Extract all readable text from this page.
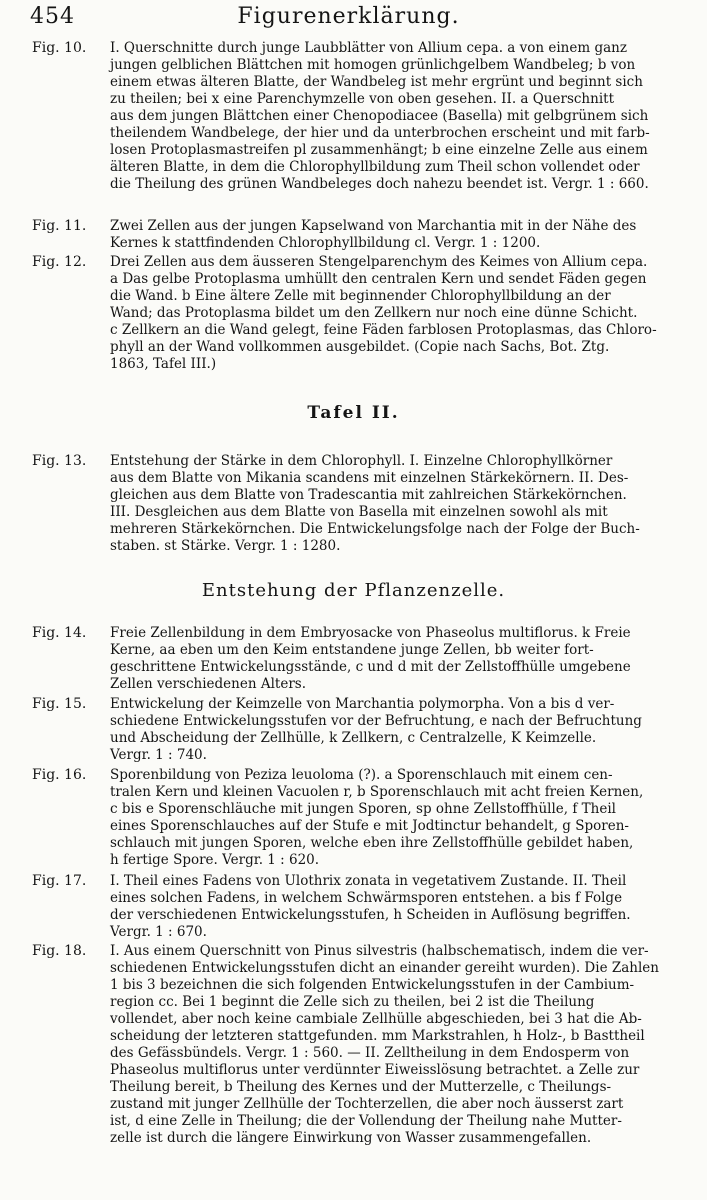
454	Figurenerklärung.
Fig. 10.	I. Querschnitte durch junge Laubblätter von Allium cepa. a von einem ganz
jungen gelblichen Blättchen mit homogen grünlichgelbem Wandbeleg; b von
einem etwas älteren Blatte, der Wandbeleg ist mehr ergrünt und beginnt sich
zu theilen; bei x eine Parenchymzelle von oben gesehen. II. a Querschnitt
aus dem jungen Blättchen einer Chenopodiacee (Basella) mit gelbgrünem sich
theilendem Wandbelege, der hier und da unterbrochen erscheint und mit farb-
losen Protoplasmastreifen pl zusammenhängt; b eine einzelne Zelle aus einem
älteren Blatte, in dem die Chlorophyllbildung zum Theil schon vollendet oder
die Theilung des grünen Wandbeleges doch nahezu beendet ist. Vergr. 1 : 660.
Fig. 11.	Zwei Zellen aus der jungen Kapselwand von Marchantia mit in der Nähe des
Kernes k stattfindenden Chlorophyllbildung cl. Vergr. 1 : 1200.
Fig. 12.	Drei Zellen aus dem äusseren Stengelparenchym des Keimes von Allium cepa.
a Das gelbe Protoplasma umhüllt den centralen Kern und sendet Fäden gegen
die Wand. b Eine ältere Zelle mit beginnender Chlorophyllbildung an der
Wand; das Protoplasma bildet um den Zellkern nur noch eine dünne Schicht.
c Zellkern an die Wand gelegt, feine Fäden farblosen Protoplasmas, das Chloro-
phyll an der Wand vollkommen ausgebildet. (Copie nach Sachs, Bot. Ztg.
1863, Tafel III.)
Tafel II.
Fig. 13.	Entstehung der Stärke in dem Chlorophyll. I. Einzelne Chlorophyllkörner
aus dem Blatte von Mikania scandens mit einzelnen Stärkekörnern. II. Des-
gleichen aus dem Blatte von Tradescantia mit zahlreichen Stärkekörnchen.
III. Desgleichen aus dem Blatte von Basella mit einzelnen sowohl als mit
mehreren Stärkekörnchen. Die Entwickelungsfolge nach der Folge der Buch-
staben. st Stärke. Vergr. 1 : 1280.
Entstehung der Pflanzenzelle.
Fig. 14.	Freie Zellenbildung in dem Embryosacke von Phaseolus multiflorus. k Freie
Kerne, aa eben um den Keim entstandene junge Zellen, bb weiter fort-
geschrittene Entwickelungsstände, c und d mit der Zellstoffhülle umgebene
Zellen verschiedenen Alters.
Fig. 15.	Entwickelung der Keimzelle von Marchantia polymorpha. Von a bis d ver-
schiedene Entwickelungsstufen vor der Befruchtung, e nach der Befruchtung
und Abscheidung der Zellhülle, k Zellkern, c Centralzelle, K Keimzelle.
Vergr. 1 : 740.
Fig. 16.	Sporenbildung von Peziza leuoloma (?). a Sporenschlauch mit einem cen-
tralen Kern und kleinen Vacuolen r, b Sporenschlauch mit acht freien Kernen,
c bis e Sporenschläuche mit jungen Sporen, sp ohne Zellstoffhülle, f Theil
eines Sporenschlauches auf der Stufe e mit Jodtinctur behandelt, g Sporen-
schlauch mit jungen Sporen, welche eben ihre Zellstoffhülle gebildet haben,
h fertige Spore. Vergr. 1 : 620.
Fig. 17.	I. Theil eines Fadens von Ulothrix zonata in vegetativem Zustande. II. Theil
eines solchen Fadens, in welchem Schwärmsporen entstehen. a bis f Folge
der verschiedenen Entwickelungsstufen, h Scheiden in Auflösung begriffen.
Vergr. 1 : 670.
Fig. 18.	I. Aus einem Querschnitt von Pinus silvestris (halbschematisch, indem die ver-
schiedenen Entwickelungsstufen dicht an einander gereiht wurden). Die Zahlen
1 bis 3 bezeichnen die sich folgenden Entwickelungsstufen in der Cambium-
region cc. Bei 1 beginnt die Zelle sich zu theilen, bei 2 ist die Theilung
vollendet, aber noch keine cambiale Zellhülle abgeschieden, bei 3 hat die Ab-
scheidung der letzteren stattgefunden. mm Markstrahlen, h Holz-, b Basttheil
des Gefässbündels. Vergr. 1 : 560. — II. Zelltheilung in dem Endosperm von
Phaseolus multiflorus unter verdünnter Eiweisslösung betrachtet. a Zelle zur
Theilung bereit, b Theilung des Kernes und der Mutterzelle, c Theilungs-
zustand mit junger Zellhülle der Tochterzellen, die aber noch äusserst zart
ist, d eine Zelle in Theilung; die der Vollendung der Theilung nahe Mutter-
zelle ist durch die längere Einwirkung von Wasser zusammengefallen.
